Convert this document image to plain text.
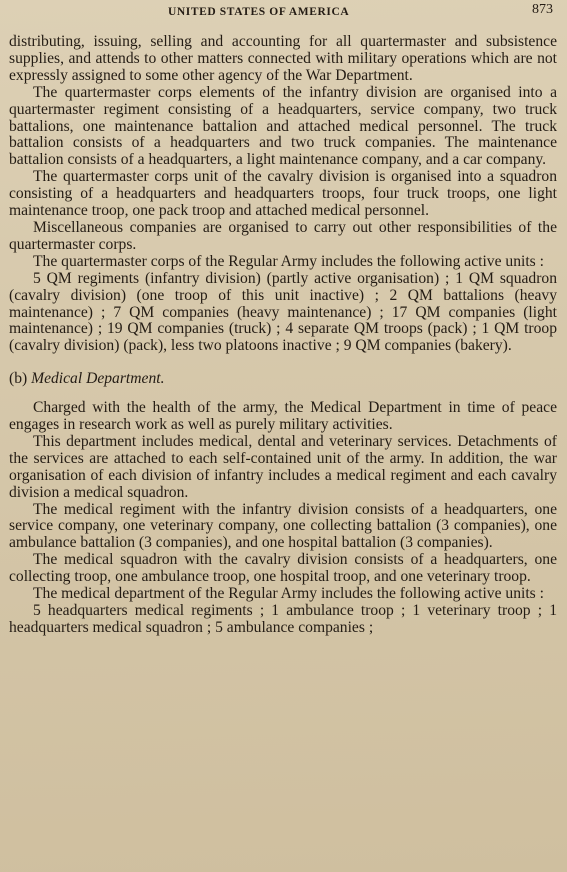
UNITED STATES OF AMERICA	873

distributing, issuing, selling and accounting for all quartermaster and subsistence supplies, and attends to other matters connected with military operations which are not expressly assigned to some other agency of the War Department.

The quartermaster corps elements of the infantry division are organised into a quartermaster regiment consisting of a headquarters, service company, two truck battalions, one maintenance battalion and attached medical personnel. The truck battalion consists of a headquarters and two truck companies. The maintenance battalion consists of a headquarters, a light maintenance company, and a car company.

The quartermaster corps unit of the cavalry division is organised into a squadron consisting of a headquarters and headquarters troops, four truck troops, one light maintenance troop, one pack troop and attached medical personnel.

Miscellaneous companies are organised to carry out other responsibilities of the quartermaster corps.

The quartermaster corps of the Regular Army includes the following active units :

5 QM regiments (infantry division) (partly active organisation) ; 1 QM squadron (cavalry division) (one troop of this unit inactive) ; 2 QM battalions (heavy maintenance) ; 7 QM companies (heavy maintenance) ; 17 QM companies (light maintenance) ; 19 QM companies (truck) ; 4 separate QM troops (pack) ; 1 QM troop (cavalry division) (pack), less two platoons inactive ; 9 QM companies (bakery).

(b) Medical Department.

Charged with the health of the army, the Medical Department in time of peace engages in research work as well as purely military activities.

This department includes medical, dental and veterinary services. Detachments of the services are attached to each self-contained unit of the army. In addition, the war organisation of each division of infantry includes a medical regiment and each cavalry division a medical squadron.

The medical regiment with the infantry division consists of a headquarters, one service company, one veterinary company, one collecting battalion (3 companies), one ambulance battalion (3 companies), and one hospital battalion (3 companies).

The medical squadron with the cavalry division consists of a headquarters, one collecting troop, one ambulance troop, one hospital troop, and one veterinary troop.

The medical department of the Regular Army includes the following active units :

5 headquarters medical regiments ; 1 ambulance troop ; 1 veterinary troop ; 1 headquarters medical squadron ; 5 ambulance companies ;
